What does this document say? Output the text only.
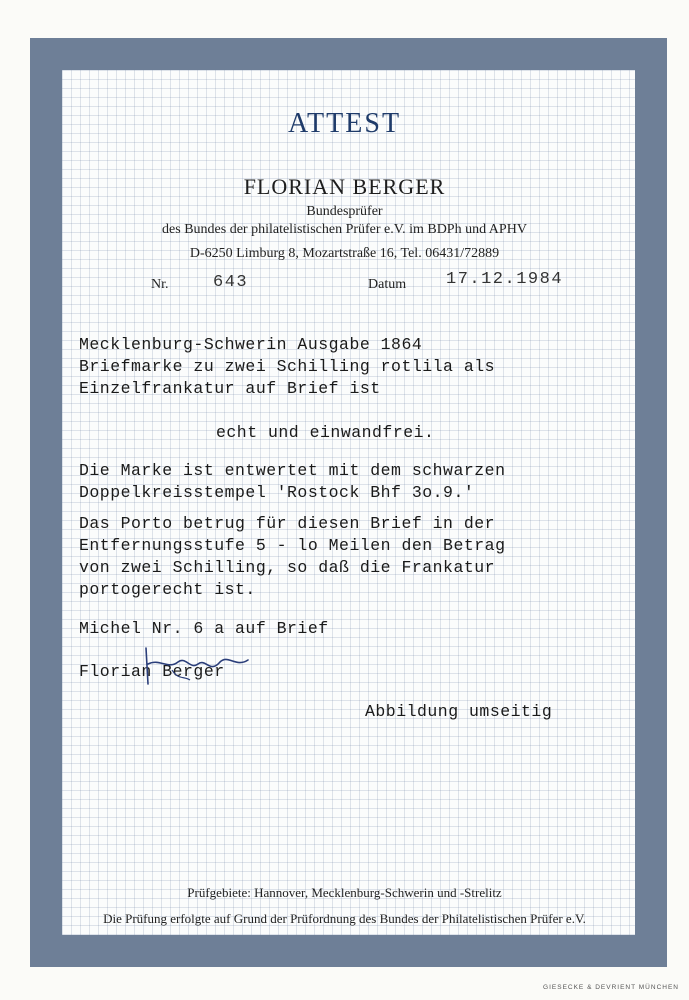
ATTEST
FLORIAN BERGER
Bundesprüfer
des Bundes der philatelistischen Prüfer e.V. im BDPh und APHV
D-6250 Limburg 8, Mozartstraße 16, Tel. 06431/72889
Nr.	643	Datum 17.12.1984
Mecklenburg-Schwerin Ausgabe 1864
Briefmarke zu zwei Schilling rotlila als
Einzelfrankatur auf Brief ist
echt und einwandfrei.
Die Marke ist entwertet mit dem schwarzen
Doppelkreisstempel 'Rostock Bhf 3o.9.'
Das Porto betrug für diesen Brief in der
Entfernungsstufe 5 - lo Meilen den Betrag
von zwei Schilling, so daß die Frankatur
portogerecht ist.
Michel Nr. 6 a auf Brief
Florian Berger
Abbildung umseitig
Prüfgebiete: Hannover, Mecklenburg-Schwerin und -Strelitz
Die Prüfung erfolgte auf Grund der Prüfordnung des Bundes der Philatelistischen Prüfer e.V.
GIESECKE & DEVRIENT MÜNCHEN
